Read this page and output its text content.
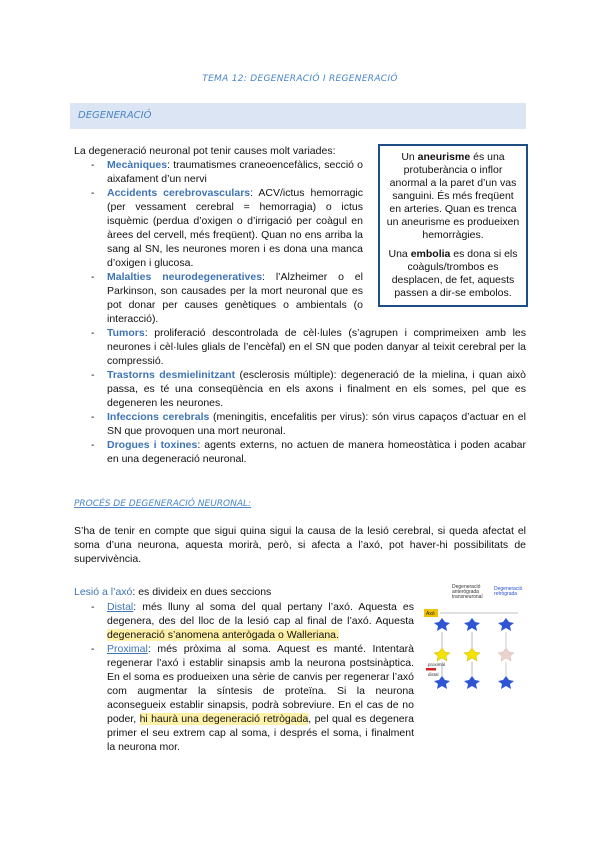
TEMA 12: DEGENERACIÓ I REGENERACIÓ
DEGENERACIÓ
La degeneració neuronal pot tenir causes molt variades:	Un aneurisme és una protuberància o inflor anormal a la paret d’un vas sanguini. És més freqüent en arteries. Quan es trenca un aneurisme es produeixen hemorràgies.

Una embolia es dona si els coàguls/trombos es desplacen, de fet, aquests passen a dir-se embolos.

- Mecàniques: traumatismes craneoencefàlics, secció o aixafament d’un nervi
- Accidents cerebrovasculars: ACV/ictus hemorragic (per vessament cerebral = hemorragia) o ictus isquèmic (perdua d’oxigen o d’irrigació per coàgul en àrees del cervell, més freqüent). Quan no ens arriba la sang al SN, les neurones moren i es dona una manca d’oxigen i glucosa.
- Malalties neurodegeneratives: l’Alzheimer o el Parkinson, son causades per la mort neuronal que es pot donar per causes genètiques o ambientals (o interacció).
- Tumors: proliferació descontrolada de cèl·lules (s’agrupen i comprimeixen amb les neurones i cèl·lules glials de l’encèfal) en el SN que poden danyar al teixit cerebral per la compressió.
- Trastorns desmielinitzant (esclerosis múltiple): degeneració de la mielina, i quan això passa, es té una conseqüència en els axons i finalment en els somes, pel que es degeneren les neurones.
- Infeccions cerebrals (meningitis, encefalitis per virus): són virus capaços d’actuar en el SN que provoquen una mort neuronal.
- Drogues i toxines: agents externs, no actuen de manera homeostàtica i poden acabar en una degeneració neuronal.
PROCÉS DE DEGENERACIÓ NEURONAL:
S’ha de tenir en compte que sigui quina sigui la causa de la lesió cerebral, si queda afectat el soma d’una neurona, aquesta morirà, però, si afecta a l’axó, pot haver-hi possibilitats de supervivència.
Lesió a l’axó: es divideix en dues seccions
- Distal: més lluny al soma del qual pertany l’axó. Aquesta es degenera, des del lloc de la lesió cap al final de l’axó. Aquesta degeneració s’anomena anterògada o Walleriana.
- Proximal: més pròxima al soma. Aquest es manté. Intentarà regenerar l’axó i establir sinapsis amb la neurona postsinàptica. En el soma es produeixen una sèrie de canvis per regenerar l’axó com augmentar la síntesis de proteïna. Si la neurona aconsegueix establir sinapsis, podrà sobreviure. En el cas de no poder, hi haurà una degeneració retrògada, pel qual es degenera primer el seu extrem cap al soma, i després el soma, i finalment la neurona mor.
Degeneració anterògrada transneuronal
Degeneració retrògrada
Axó
proximal
distal
